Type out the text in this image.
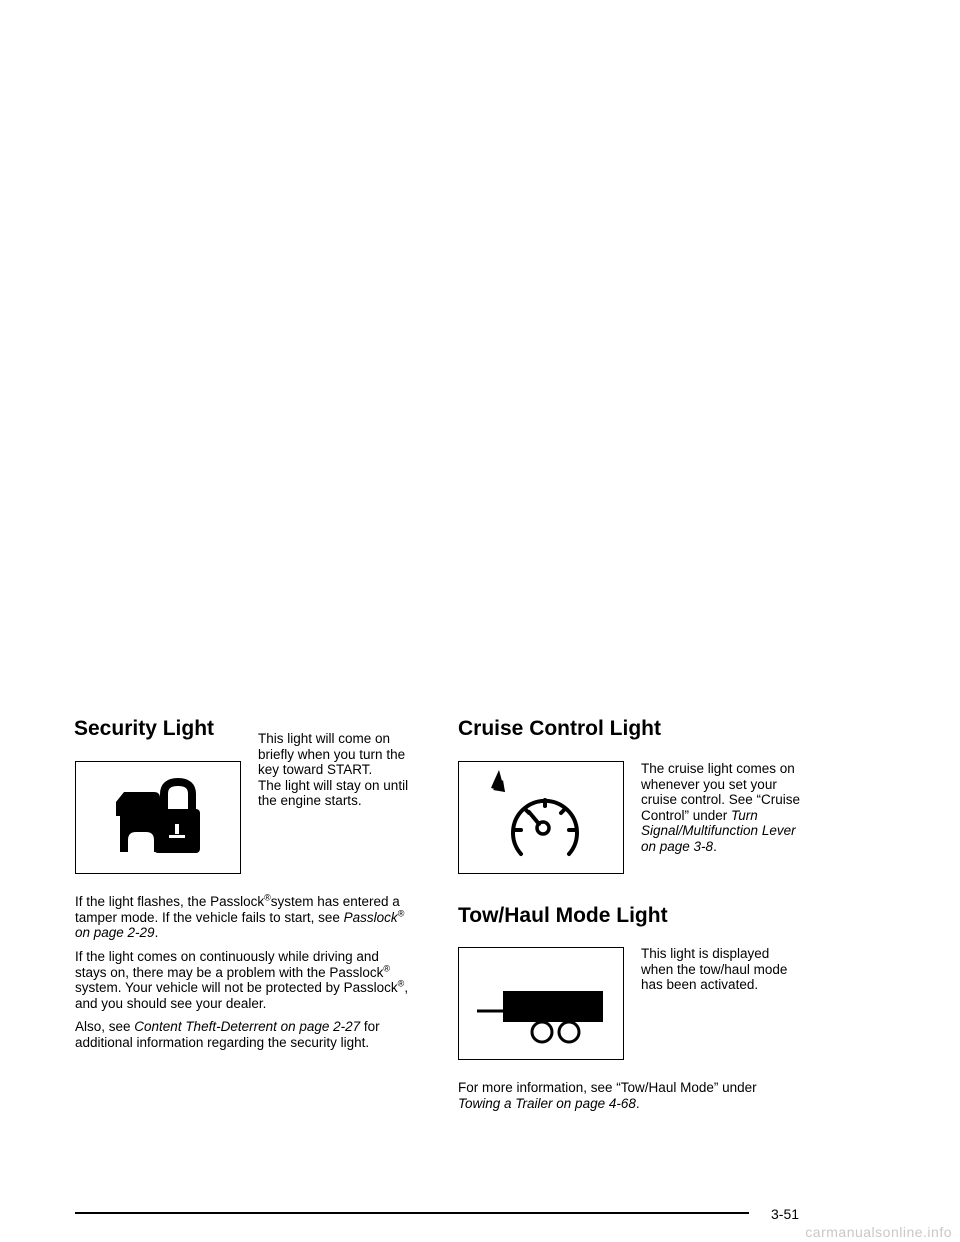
Security Light	This light will come on
briefly when you turn the
key toward START.
The light will stay on until
the engine starts.
If the light flashes, the Passlock®system has entered a
tamper mode. If the vehicle fails to start, see Passlock®
on page 2-29.
If the light comes on continuously while driving and
stays on, there may be a problem with the Passlock®
system. Your vehicle will not be protected by Passlock®,
and you should see your dealer.
Also, see Content Theft-Deterrent on page 2-27 for
additional information regarding the security light.
Cruise Control Light
The cruise light comes on
whenever you set your
cruise control. See “Cruise
Control” under Turn
Signal/Multifunction Lever
on page 3-8.
Tow/Haul Mode Light
This light is displayed
when the tow/haul mode
has been activated.
For more information, see “Tow/Haul Mode” under
Towing a Trailer on page 4-68.
3-51
carmanualsonline.info
